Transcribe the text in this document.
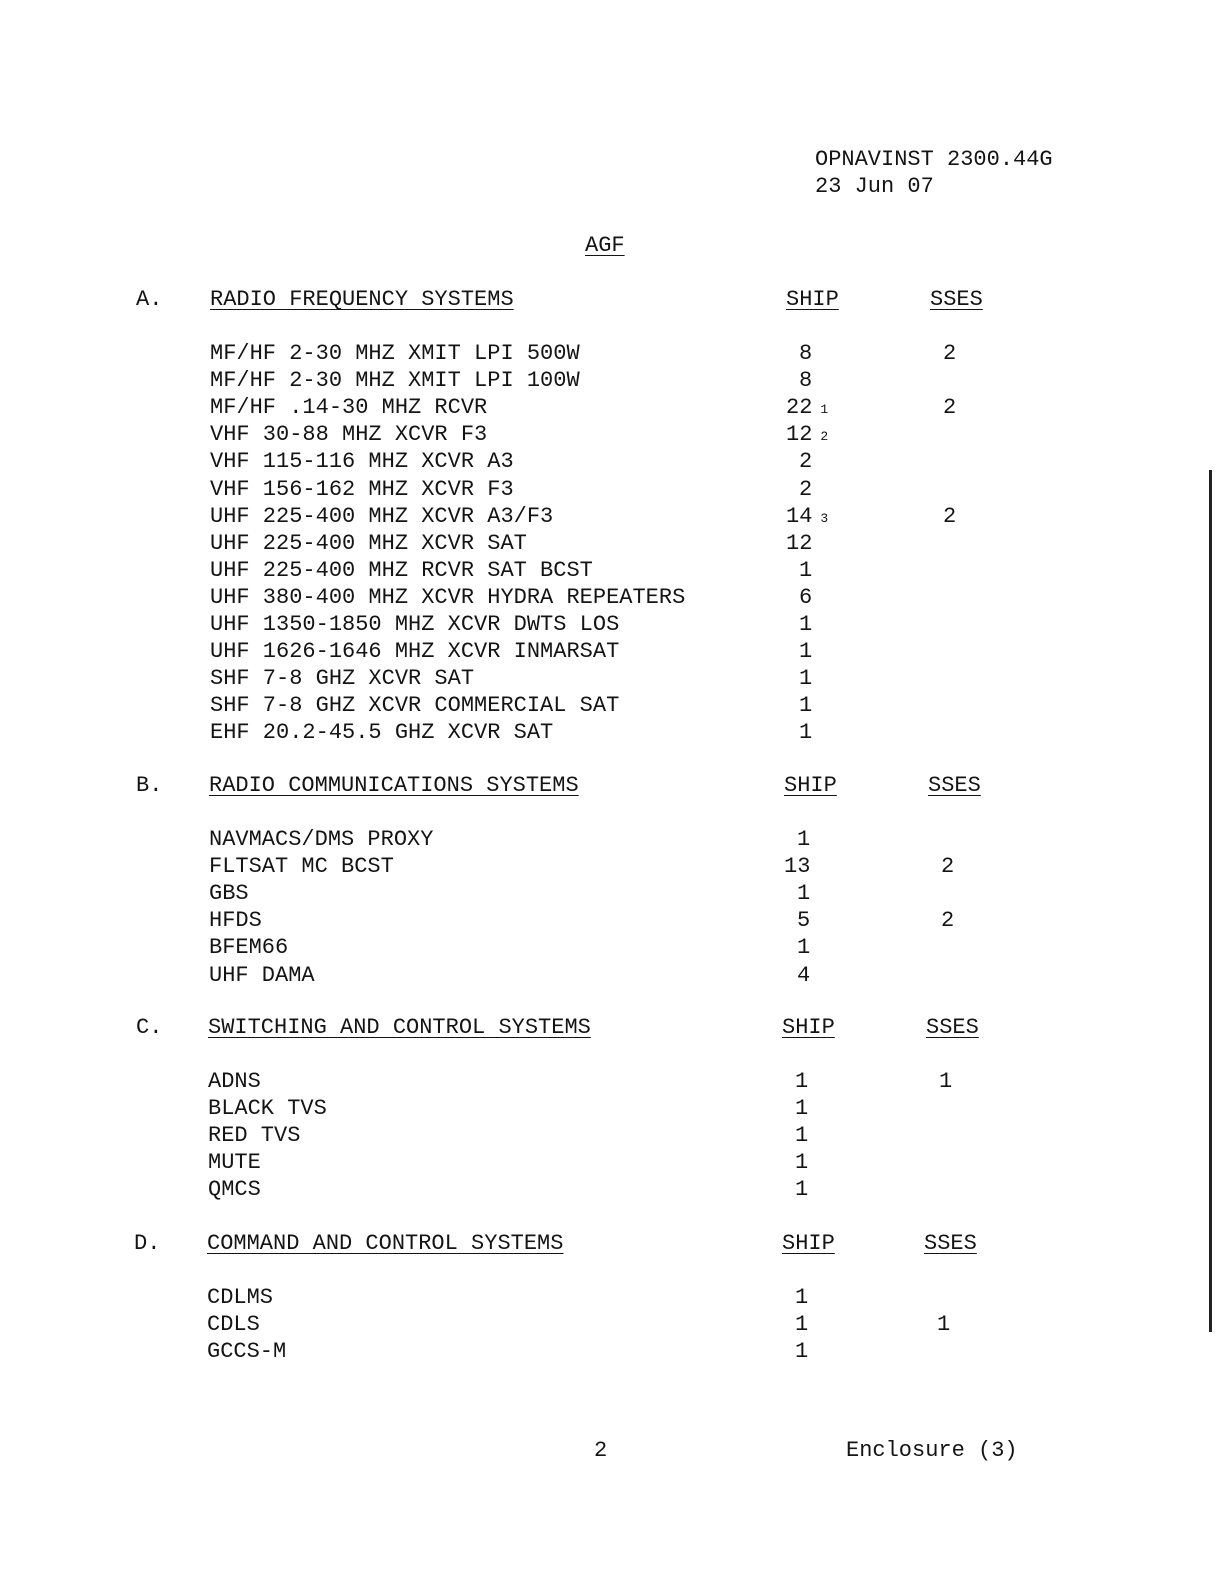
OPNAVINST 2300.44G
23 Jun 07
AGF
A. RADIO FREQUENCY SYSTEMS	SHIP	SSES
MF/HF 2-30 MHZ XMIT LPI 500W	8	2
MF/HF 2-30 MHZ XMIT LPI 100W	8
MF/HF .14-30 MHZ RCVR	22 1	2
VHF 30-88 MHZ XCVR F3	12 2
VHF 115-116 MHZ XCVR A3	2
VHF 156-162 MHZ XCVR F3	2
UHF 225-400 MHZ XCVR A3/F3	14 3	2
UHF 225-400 MHZ XCVR SAT	12
UHF 225-400 MHZ RCVR SAT BCST	1
UHF 380-400 MHZ XCVR HYDRA REPEATERS	6
UHF 1350-1850 MHZ XCVR DWTS LOS	1
UHF 1626-1646 MHZ XCVR INMARSAT	1
SHF 7-8 GHZ XCVR SAT	1
SHF 7-8 GHZ XCVR COMMERCIAL SAT	1
EHF 20.2-45.5 GHZ XCVR SAT	1
B. RADIO COMMUNICATIONS SYSTEMS	SHIP	SSES
NAVMACS/DMS PROXY	1
FLTSAT MC BCST	13	2
GBS	1
HFDS	5	2
BFEM66	1
UHF DAMA	4
C. SWITCHING AND CONTROL SYSTEMS	SHIP	SSES
ADNS	1	1
BLACK TVS	1
RED TVS	1
MUTE	1
QMCS	1
D. COMMAND AND CONTROL SYSTEMS	SHIP	SSES
CDLMS	1
CDLS	1	1
GCCS-M	1
2	Enclosure (3)
